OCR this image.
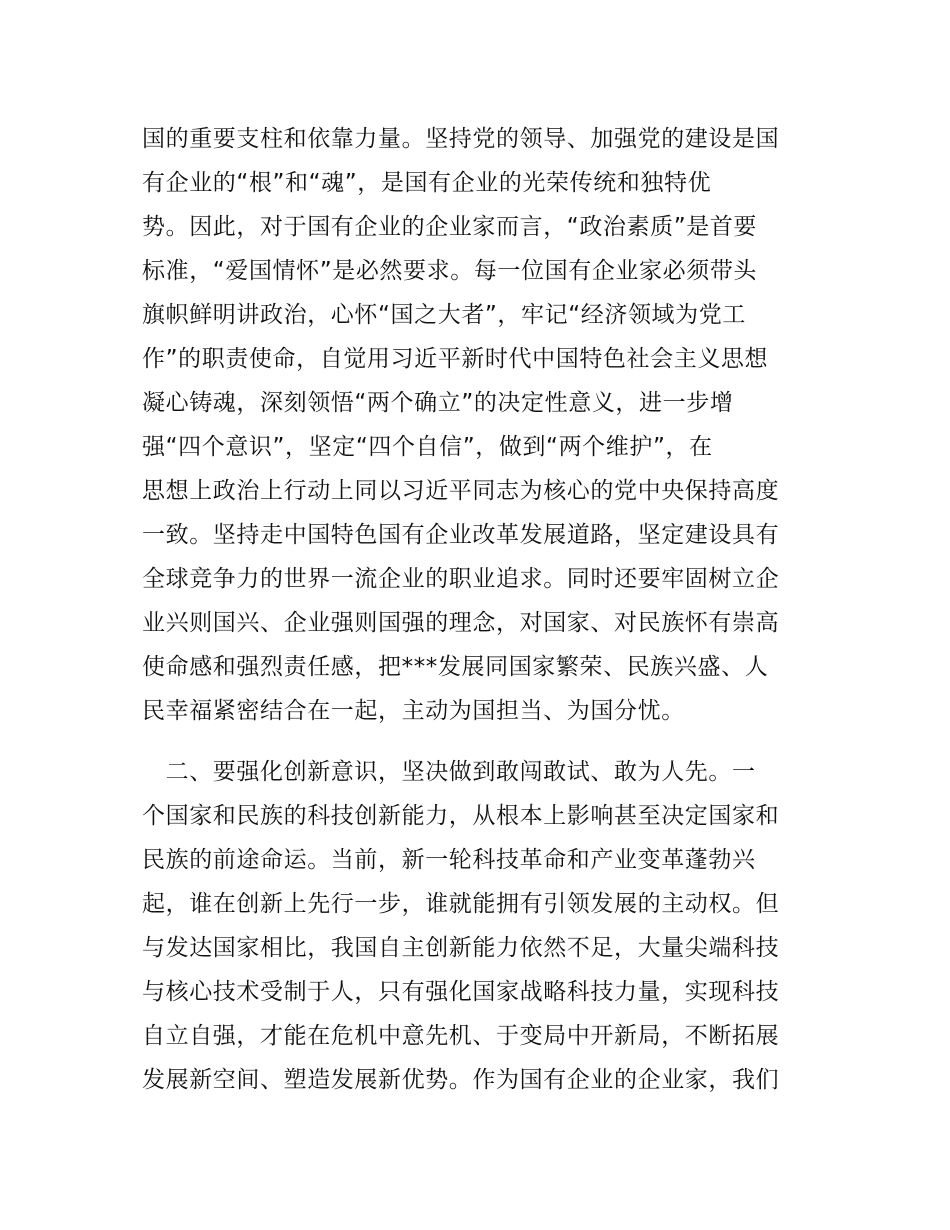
国的重要支柱和依靠力量。坚持党的领导、加强党的建设是国
有企业的“根”和“魂”，是国有企业的光荣传统和独特优
势。因此，对于国有企业的企业家而言，“政治素质”是首要
标准，“爱国情怀”是必然要求。每一位国有企业家必须带头
旗帜鲜明讲政治，心怀“国之大者”，牢记“经济领域为党工
作”的职责使命，自觉用习近平新时代中国特色社会主义思想
凝心铸魂，深刻领悟“两个确立”的决定性意义，进一步增
强“四个意识”，坚定“四个自信”，做到“两个维护”，在
思想上政治上行动上同以习近平同志为核心的党中央保持高度
一致。坚持走中国特色国有企业改革发展道路，坚定建设具有
全球竞争力的世界一流企业的职业追求。同时还要牢固树立企
业兴则国兴、企业强则国强的理念，对国家、对民族怀有崇高
使命感和强烈责任感，把***发展同国家繁荣、民族兴盛、人
民幸福紧密结合在一起，主动为国担当、为国分忧。
　二、要强化创新意识，坚决做到敢闯敢试、敢为人先。一
个国家和民族的科技创新能力，从根本上影响甚至决定国家和
民族的前途命运。当前，新一轮科技革命和产业变革蓬勃兴
起，谁在创新上先行一步，谁就能拥有引领发展的主动权。但
与发达国家相比，我国自主创新能力依然不足，大量尖端科技
与核心技术受制于人，只有强化国家战略科技力量，实现科技
自立自强，才能在危机中意先机、于变局中开新局，不断拓展
发展新空间、塑造发展新优势。作为国有企业的企业家，我们
